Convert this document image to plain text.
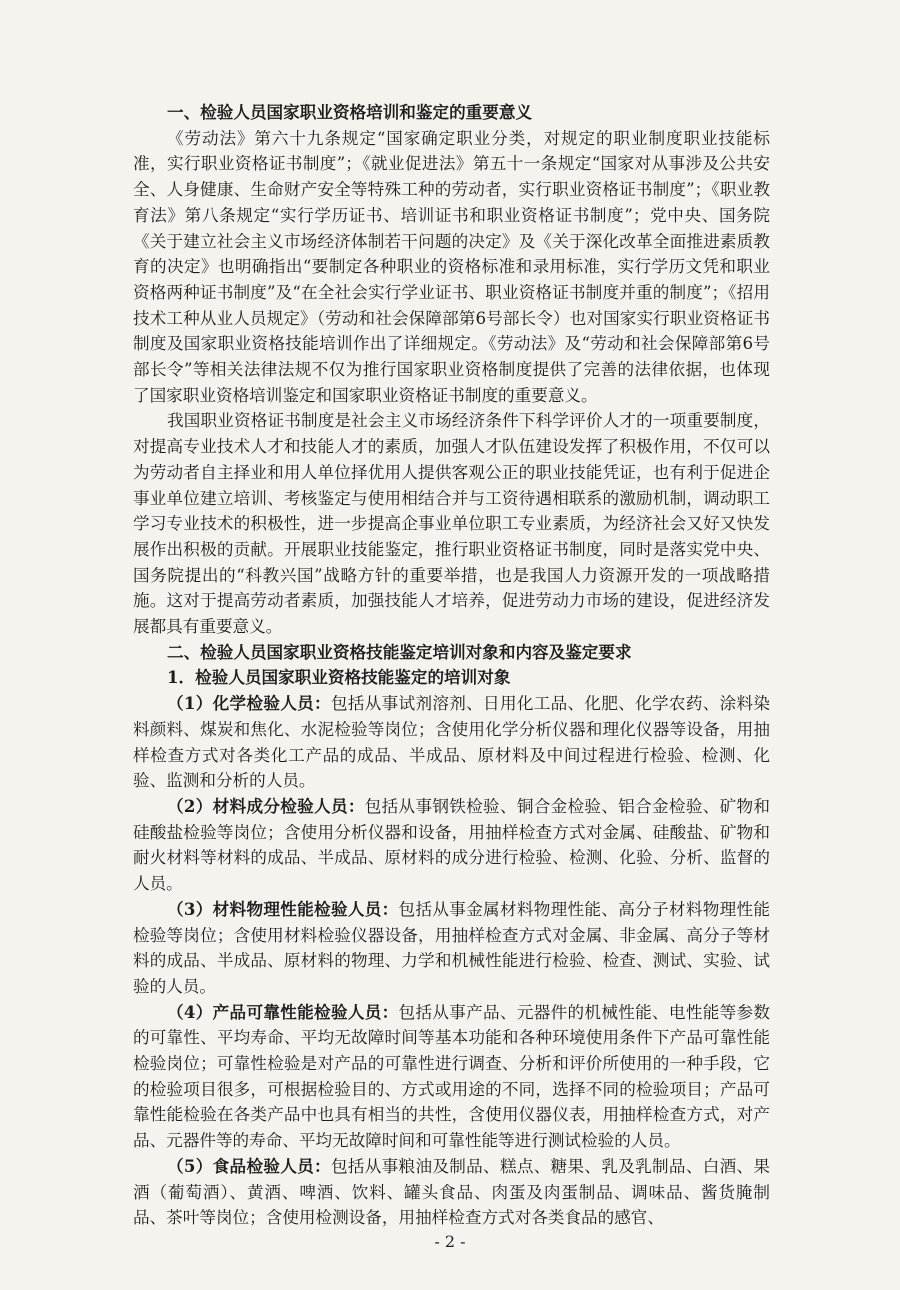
一、检验人员国家职业资格培训和鉴定的重要意义

《劳动法》第六十九条规定“国家确定职业分类，对规定的职业制度职业技能标准，实行职业资格证书制度”；《就业促进法》第五十一条规定“国家对从事涉及公共安全、人身健康、生命财产安全等特殊工种的劳动者，实行职业资格证书制度”；《职业教育法》第八条规定“实行学历证书、培训证书和职业资格证书制度”；党中央、国务院《关于建立社会主义市场经济体制若干问题的决定》及《关于深化改革全面推进素质教育的决定》也明确指出“要制定各种职业的资格标准和录用标准，实行学历文凭和职业资格两种证书制度”及“在全社会实行学业证书、职业资格证书制度并重的制度”；《招用技术工种从业人员规定》（劳动和社会保障部第6号部长令）也对国家实行职业资格证书制度及国家职业资格技能培训作出了详细规定。《劳动法》及“劳动和社会保障部第6号部长令”等相关法律法规不仅为推行国家职业资格制度提供了完善的法律依据，也体现了国家职业资格培训鉴定和国家职业资格证书制度的重要意义。

我国职业资格证书制度是社会主义市场经济条件下科学评价人才的一项重要制度，对提高专业技术人才和技能人才的素质，加强人才队伍建设发挥了积极作用，不仅可以为劳动者自主择业和用人单位择优用人提供客观公正的职业技能凭证，也有利于促进企事业单位建立培训、考核鉴定与使用相结合并与工资待遇相联系的激励机制，调动职工学习专业技术的积极性，进一步提高企事业单位职工专业素质，为经济社会又好又快发展作出积极的贡献。开展职业技能鉴定，推行职业资格证书制度，同时是落实党中央、国务院提出的“科教兴国”战略方针的重要举措，也是我国人力资源开发的一项战略措施。这对于提高劳动者素质，加强技能人才培养，促进劳动力市场的建设，促进经济发展都具有重要意义。

二、检验人员国家职业资格技能鉴定培训对象和内容及鉴定要求

1．检验人员国家职业资格技能鉴定的培训对象

（1）化学检验人员：包括从事试剂溶剂、日用化工品、化肥、化学农药、涂料染料颜料、煤炭和焦化、水泥检验等岗位；含使用化学分析仪器和理化仪器等设备，用抽样检查方式对各类化工产品的成品、半成品、原材料及中间过程进行检验、检测、化验、监测和分析的人员。

（2）材料成分检验人员：包括从事钢铁检验、铜合金检验、铝合金检验、矿物和硅酸盐检验等岗位；含使用分析仪器和设备，用抽样检查方式对金属、硅酸盐、矿物和耐火材料等材料的成品、半成品、原材料的成分进行检验、检测、化验、分析、监督的人员。

（3）材料物理性能检验人员：包括从事金属材料物理性能、高分子材料物理性能检验等岗位；含使用材料检验仪器设备，用抽样检查方式对金属、非金属、高分子等材料的成品、半成品、原材料的物理、力学和机械性能进行检验、检查、测试、实验、试验的人员。

（4）产品可靠性能检验人员：包括从事产品、元器件的机械性能、电性能等参数的可靠性、平均寿命、平均无故障时间等基本功能和各种环境使用条件下产品可靠性能检验岗位；可靠性检验是对产品的可靠性进行调查、分析和评价所使用的一种手段，它的检验项目很多，可根据检验目的、方式或用途的不同，选择不同的检验项目；产品可靠性能检验在各类产品中也具有相当的共性，含使用仪器仪表，用抽样检查方式，对产品、元器件等的寿命、平均无故障时间和可靠性能等进行测试检验的人员。

（5）食品检验人员：包括从事粮油及制品、糕点、糖果、乳及乳制品、白酒、果酒（葡萄酒）、黄酒、啤酒、饮料、罐头食品、肉蛋及肉蛋制品、调味品、酱货腌制品、茶叶等岗位；含使用检测设备，用抽样检查方式对各类食品的感官、

- 2 -
